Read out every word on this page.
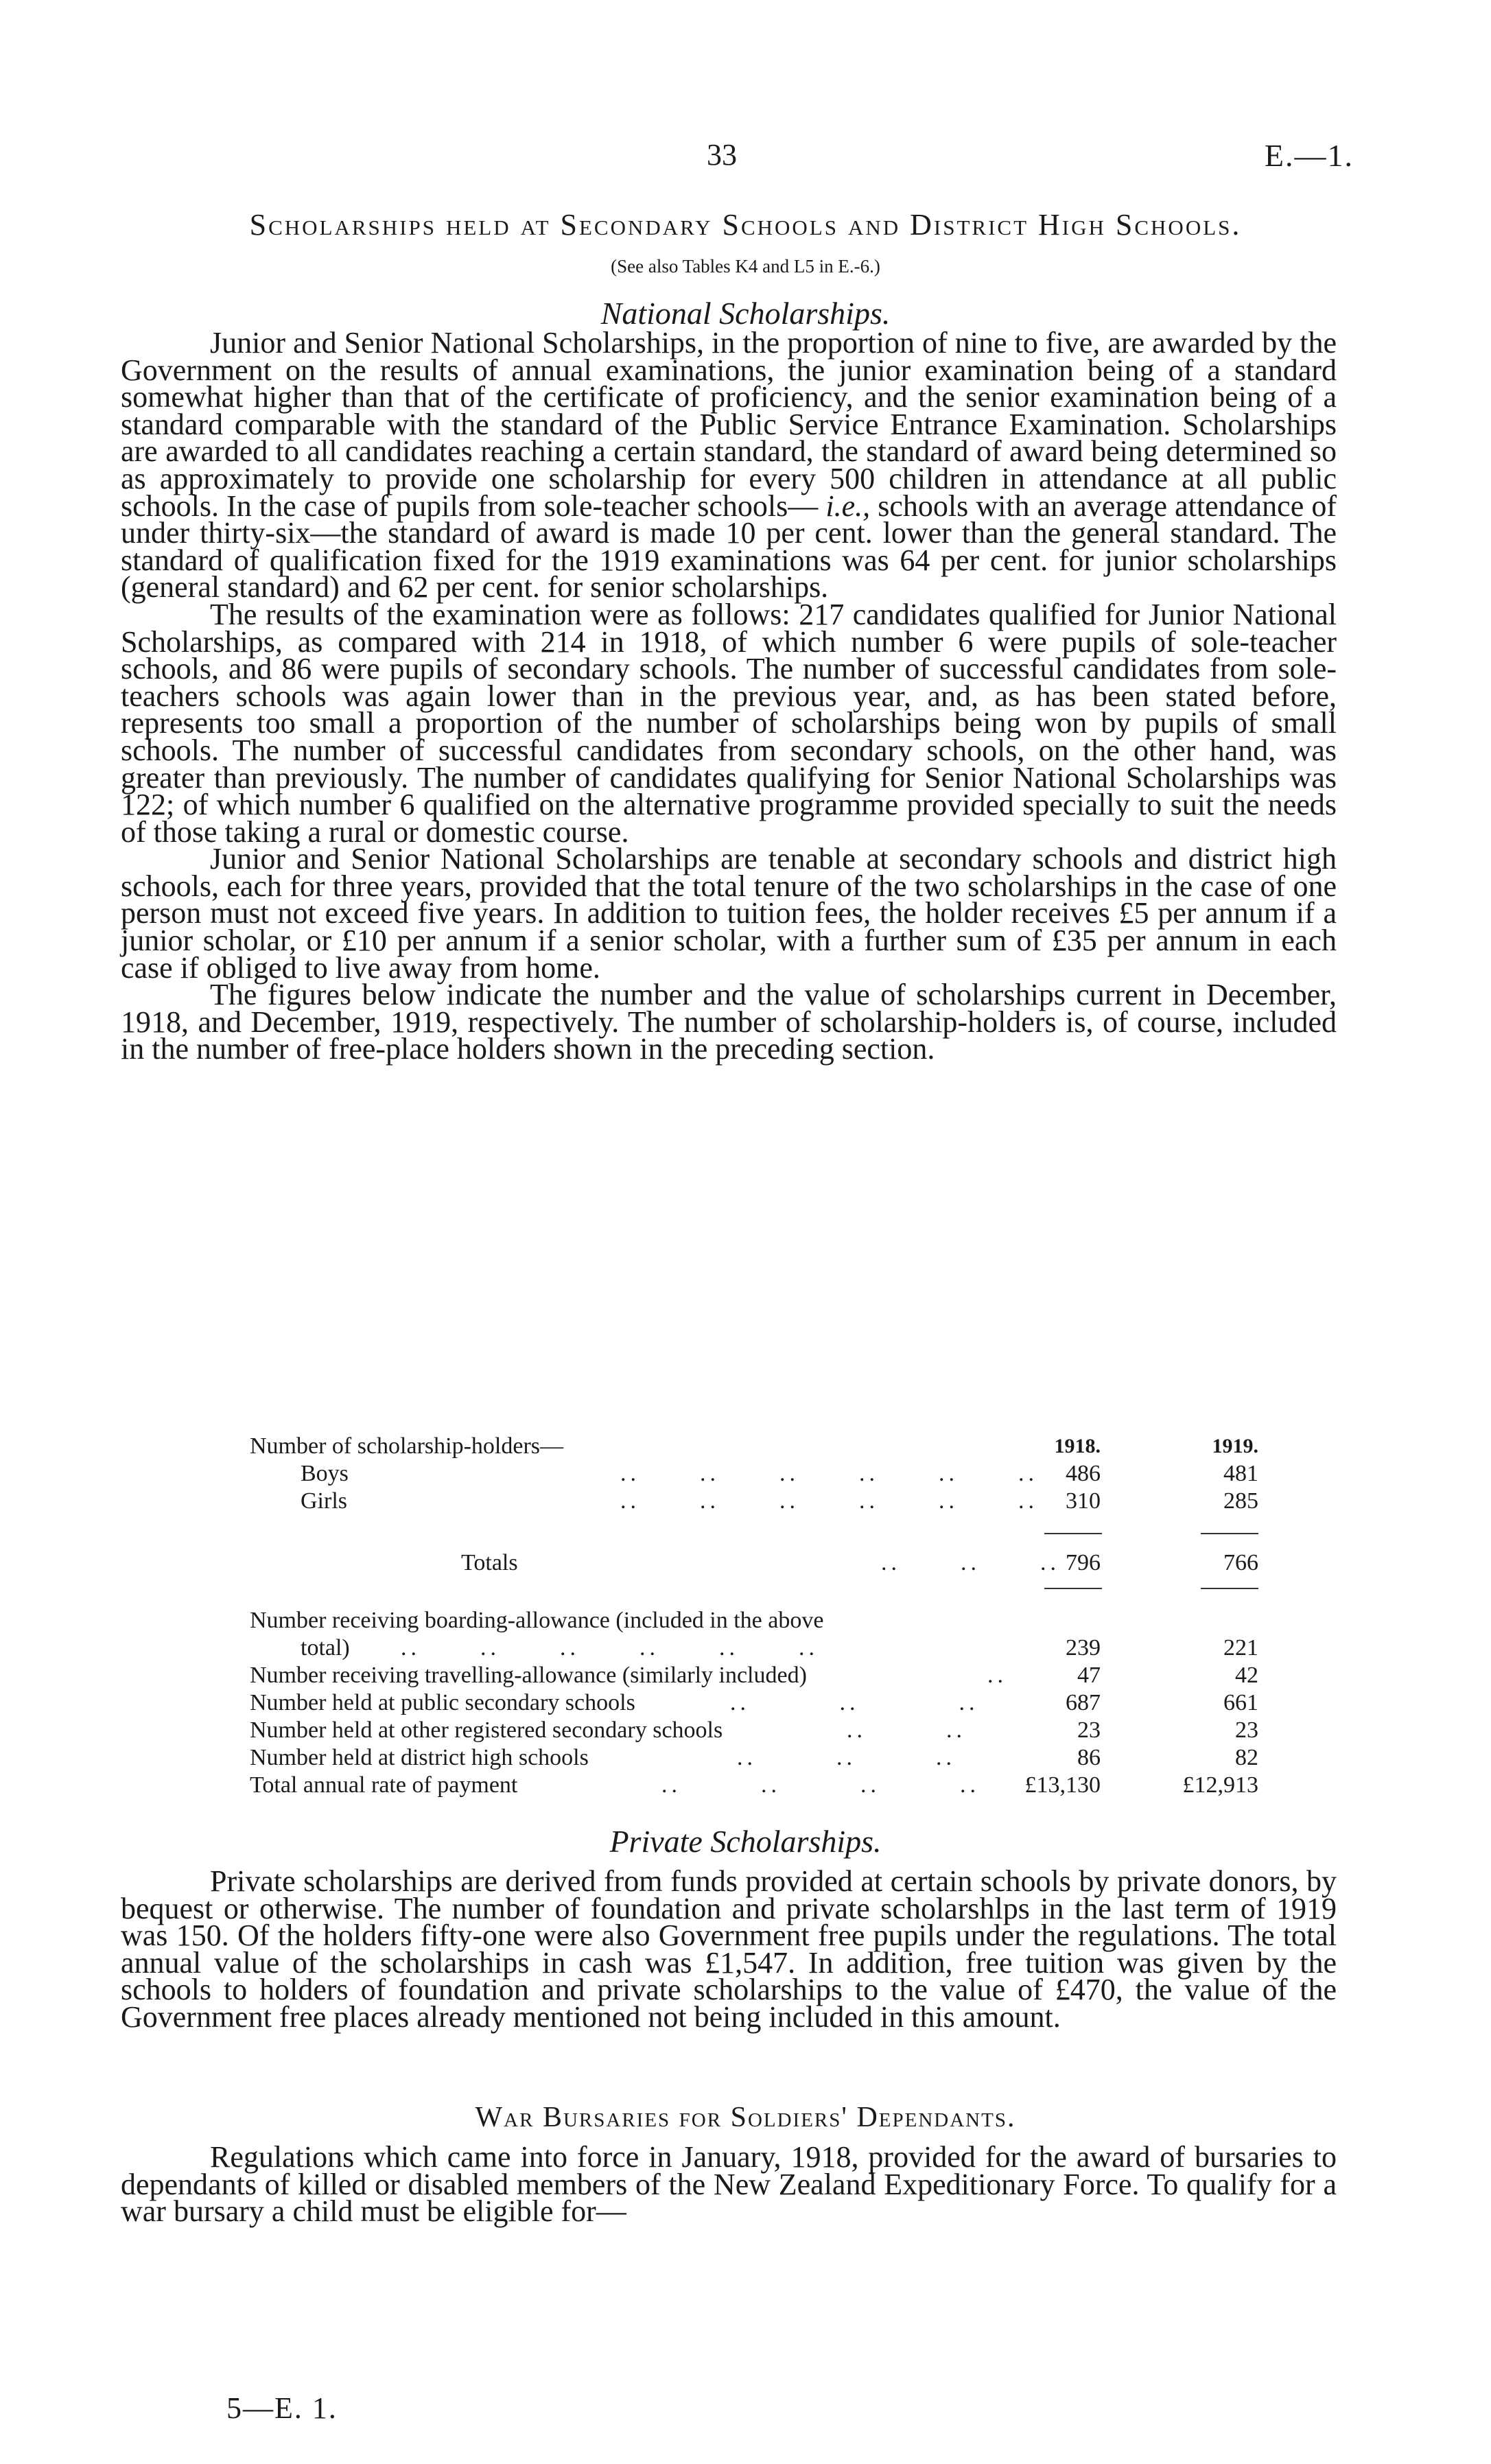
33	E.—1.
Scholarships held at Secondary Schools and District High Schools.
(See also Tables K4 and L5 in E.-6.)
National Scholarships.

Junior and Senior National Scholarships, in the proportion of nine to five, are awarded by the Government on the results of annual examinations, the junior examination being of a standard somewhat higher than that of the certificate of proficiency, and the senior examination being of a standard comparable with the standard of the Public Service Entrance Examination. Scholarships are awarded to all candidates reaching a certain standard, the standard of award being determined so as approximately to provide one scholarship for every 500 children in attendance at all public schools. In the case of pupils from sole-teacher schools— i.e., schools with an average attendance of under thirty-six—the standard of award is made 10 per cent. lower than the general standard. The standard of qualification fixed for the 1919 examinations was 64 per cent. for junior scholarships (general standard) and 62 per cent. for senior scholarships.

The results of the examination were as follows: 217 candidates qualified for Junior National Scholarships, as compared with 214 in 1918, of which number 6 were pupils of sole-teacher schools, and 86 were pupils of secondary schools. The number of successful candidates from sole-teachers schools was again lower than in the previous year, and, as has been stated before, represents too small a proportion of the number of scholarships being won by pupils of small schools. The number of successful candidates from secondary schools, on the other hand, was greater than previously. The number of candidates qualifying for Senior National Scholarships was 122; of which number 6 qualified on the alternative programme provided specially to suit the needs of those taking a rural or domestic course.

Junior and Senior National Scholarships are tenable at secondary schools and district high schools, each for three years, provided that the total tenure of the two scholarships in the case of one person must not exceed five years. In addition to tuition fees, the holder receives £5 per annum if a junior scholar, or £10 per annum if a senior scholar, with a further sum of £35 per annum in each case if obliged to live away from home.

The figures below indicate the number and the value of scholarships current in December, 1918, and December, 1919, respectively. The number of scholarship-holders is, of course, included in the number of free-place holders shown in the preceding section.

Number of scholarship-holders—	1918.	1919.
Boys	..      ..      ..      ..      ..      .. 486	481
Girls	..      ..      ..      ..      ..      .. 310	285
Totals	..      ..      .. 796	766
Number receiving boarding-allowance (included in the above
total) ..      ..      ..      ..      ..      ..	239	221
Number receiving travelling-allowance (similarly included)	..	47	42
Number held at public secondary schools	..         ..          ..	687	661
Number held at other registered secondary schools	..        ..	23	23
Number held at district high schools	..        ..        ..	86	82
Total annual rate of payment	..        ..        ..        .. £13,130	£12,913
Private Scholarships.

Private scholarships are derived from funds provided at certain schools by private donors, by bequest or otherwise. The number of foundation and private scholarshlps in the last term of 1919 was 150. Of the holders fifty-one were also Government free pupils under the regulations. The total annual value of the scholarships in cash was £1,547. In addition, free tuition was given by the schools to holders of foundation and private scholarships to the value of £470, the value of the Government free places already mentioned not being included in this amount.

War Bursaries for Soldiers' Dependants.

Regulations which came into force in January, 1918, provided for the award of bursaries to dependants of killed or disabled members of the New Zealand Expeditionary Force. To qualify for a war bursary a child must be eligible for—

5—E. 1.
